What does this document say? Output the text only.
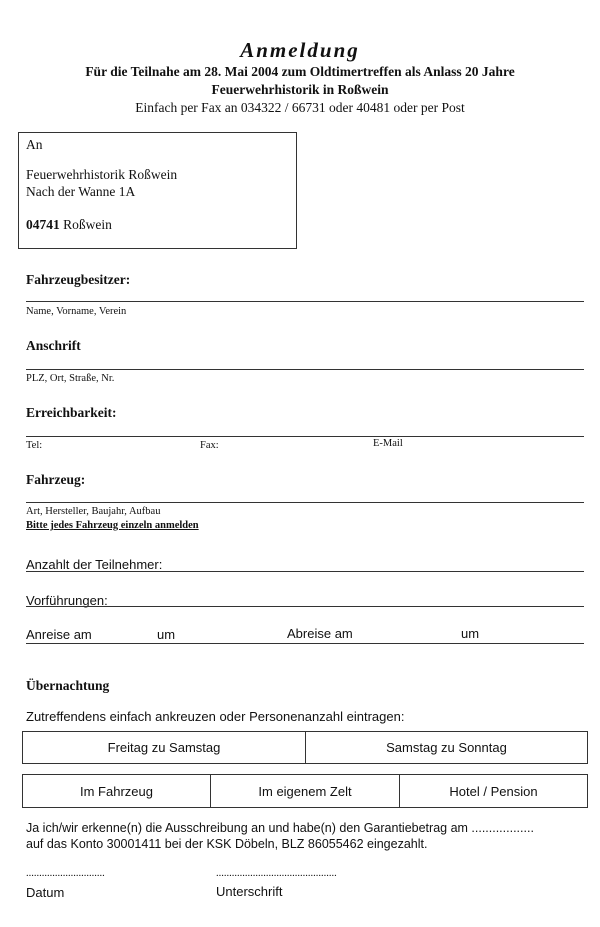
Anmeldung
Für die Teilnahe am 28. Mai 2004 zum Oldtimertreffen als Anlass 20 Jahre
Feuerwehrhistorik in Roßwein
Einfach per Fax an 034322 / 66731 oder 40481 oder per Post
An
Feuerwehrhistorik Roßwein
Nach der Wanne 1A
04741 Roßwein
Fahrzeugbesitzer:
Name, Vorname, Verein
Anschrift
PLZ, Ort, Straße, Nr.
Erreichbarkeit:
Tel:	Fax:	E-Mail
Fahrzeug:
Art, Hersteller, Baujahr, Aufbau
Bitte jedes Fahrzeug einzeln anmelden
Anzahlt der Teilnehmer:
Vorführungen:
Anreise am	um	Abreise am	um
Übernachtung
Zutreffendens einfach ankreuzen oder Personenanzahl eintragen:
Freitag zu Samstag	Samstag zu Sonntag
Im Fahrzeug	Im eigenem Zelt	Hotel / Pension
Ja ich/wir erkenne(n) die Ausschreibung an und habe(n) den Garantiebetrag am ..................
auf das Konto 30001411 bei der KSK Döbeln, BLZ 86055462 eingezahlt.
..............................	..............................................
Datum	Unterschrift
